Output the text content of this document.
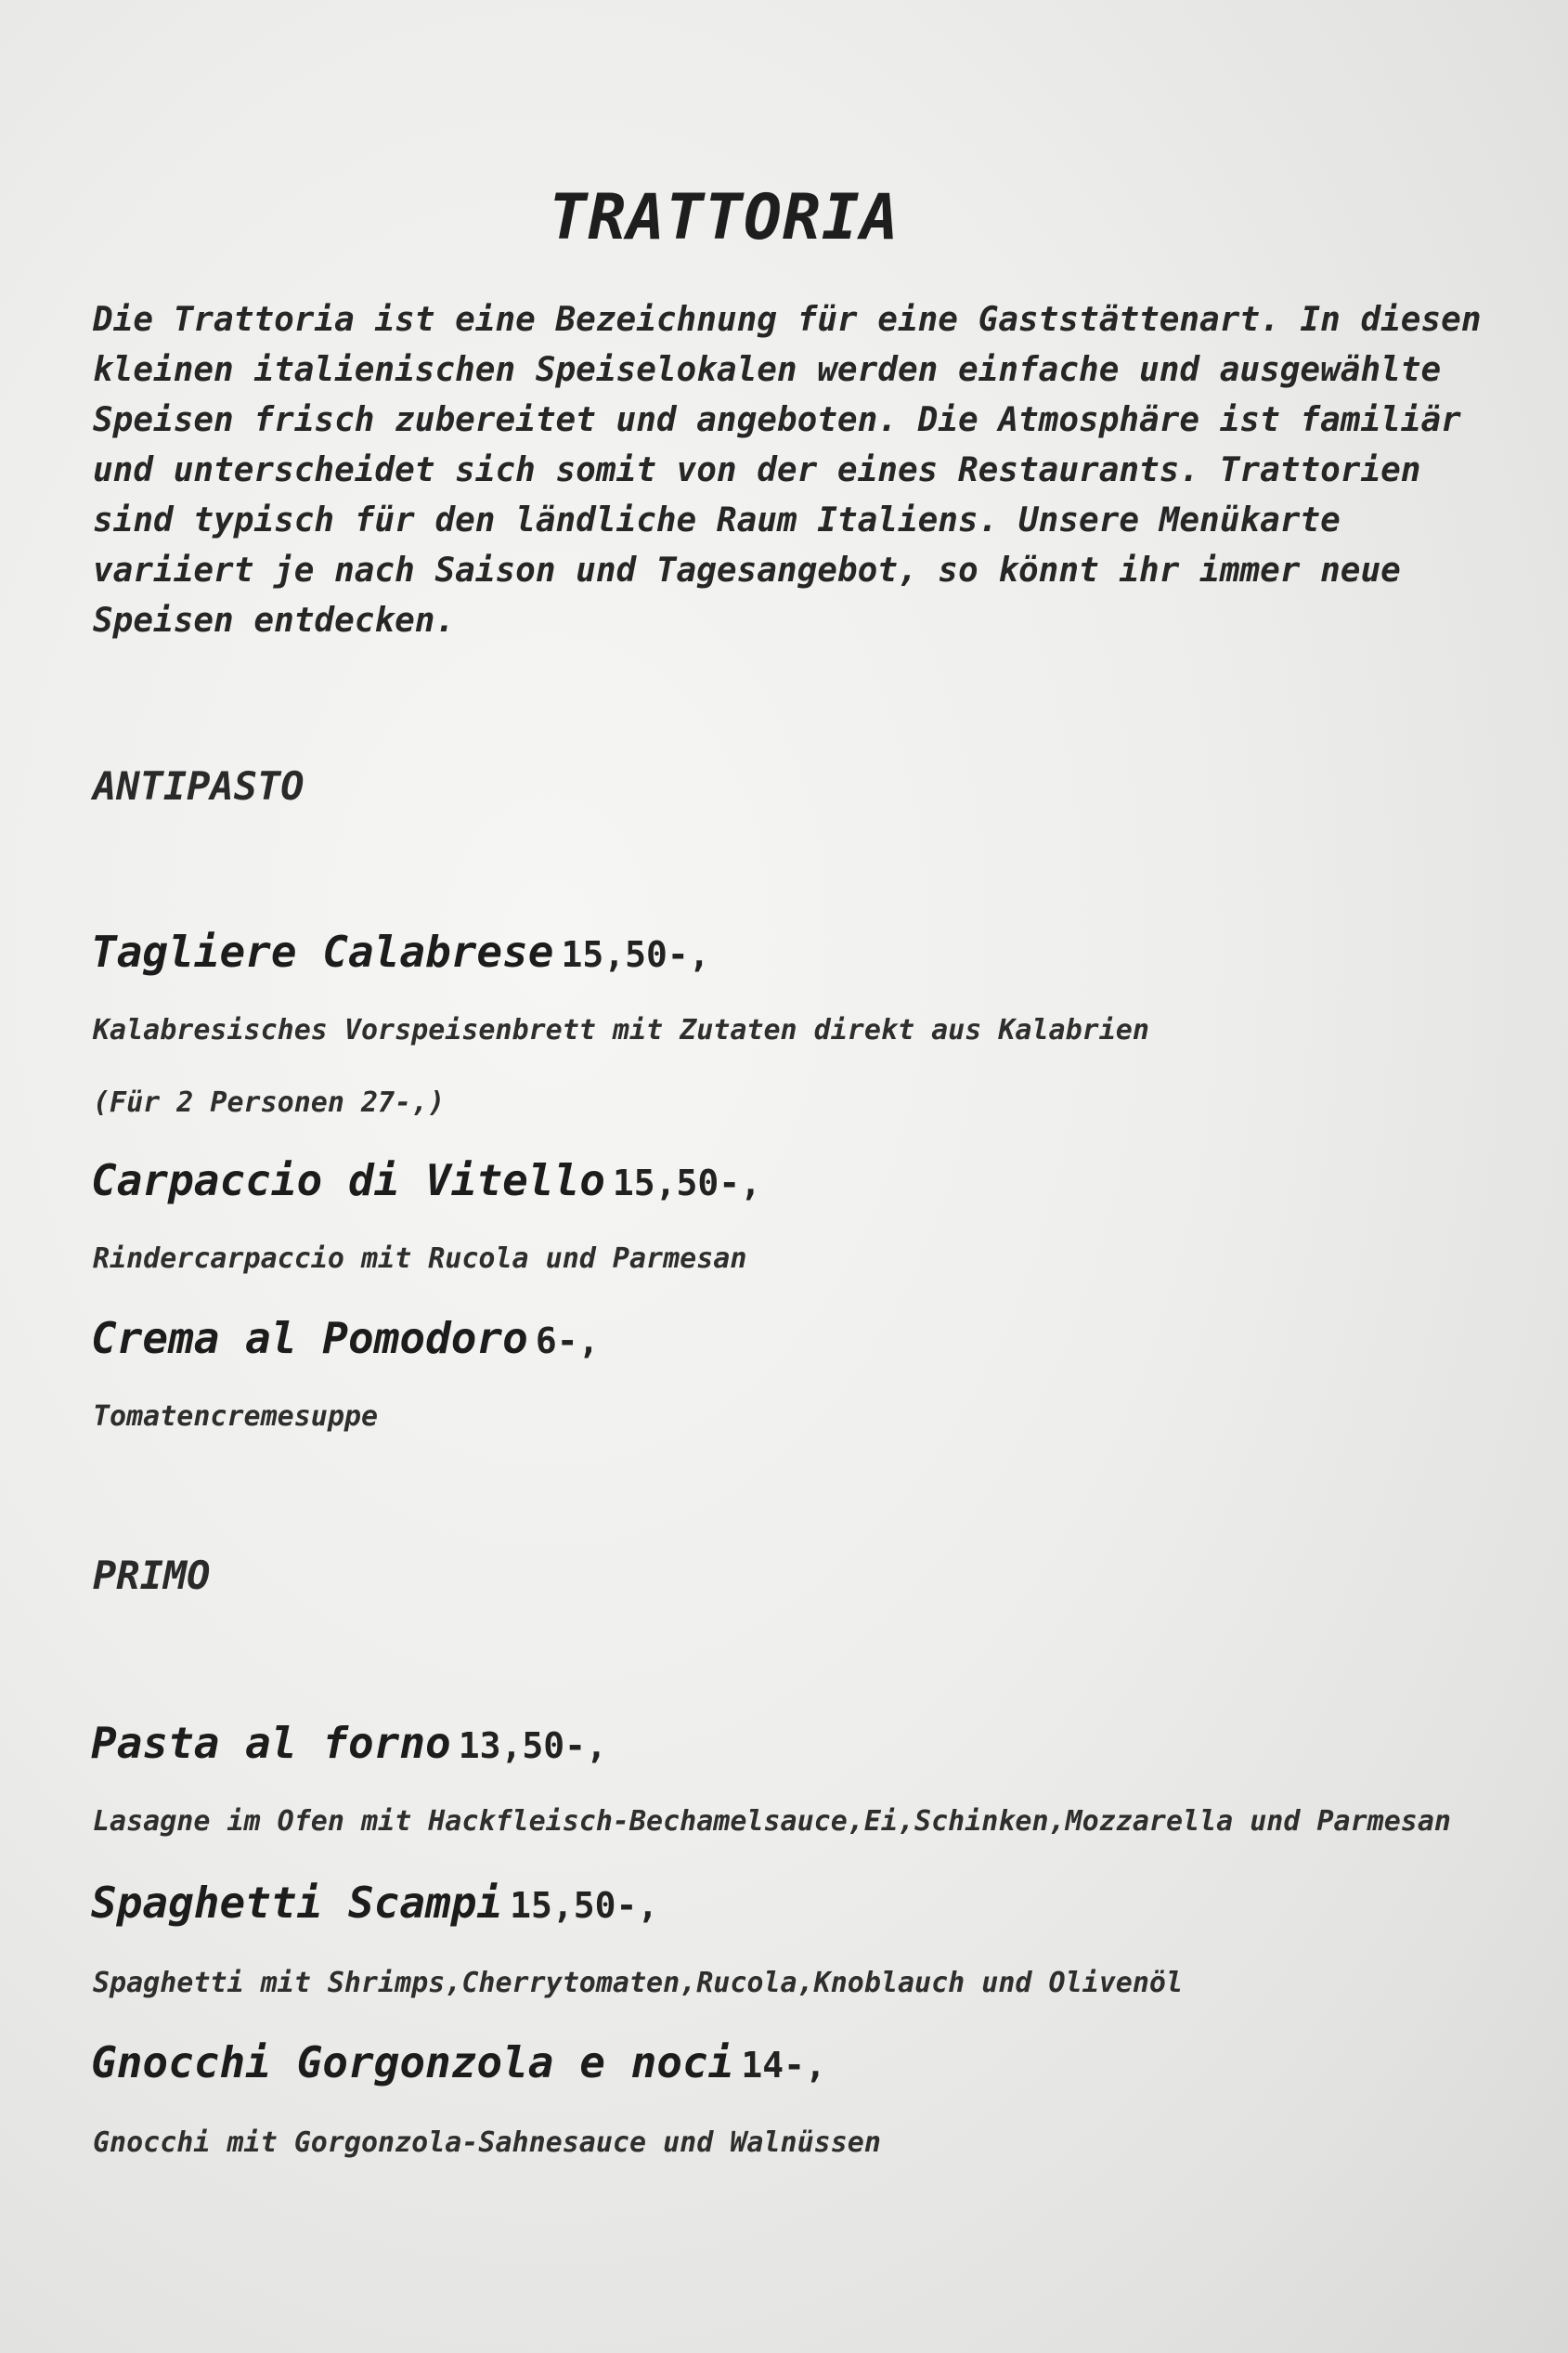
TRATTORIA
Die Trattoria ist eine Bezeichnung für eine Gaststättenart. In diesen kleinen italienischen Speiselokalen werden einfache und ausgewählte Speisen frisch zubereitet und angeboten. Die Atmosphäre ist familiär und unterscheidet sich somit von der eines Restaurants. Trattorien sind typisch für den ländliche Raum Italiens. Unsere Menükarte variiert je nach Saison und Tagesangebot, so könnt ihr immer neue Speisen entdecken.
ANTIPASTO
Tagliere Calabrese 15,50-,
Kalabresisches Vorspeisenbrett mit Zutaten direkt aus Kalabrien
(Für 2 Personen 27-,)
Carpaccio di Vitello 15,50-,
Rindercarpaccio mit Rucola und Parmesan
Crema al Pomodoro 6-,
Tomatencremesuppe
PRIMO
Pasta al forno 13,50-,
Lasagne im Ofen mit Hackfleisch-Bechamelsauce,Ei,Schinken,Mozzarella und Parmesan
Spaghetti Scampi 15,50-,
Spaghetti mit Shrimps,Cherrytomaten,Rucola,Knoblauch und Olivenöl
Gnocchi Gorgonzola e noci 14-,
Gnocchi mit Gorgonzola-Sahnesauce und Walnüssen
